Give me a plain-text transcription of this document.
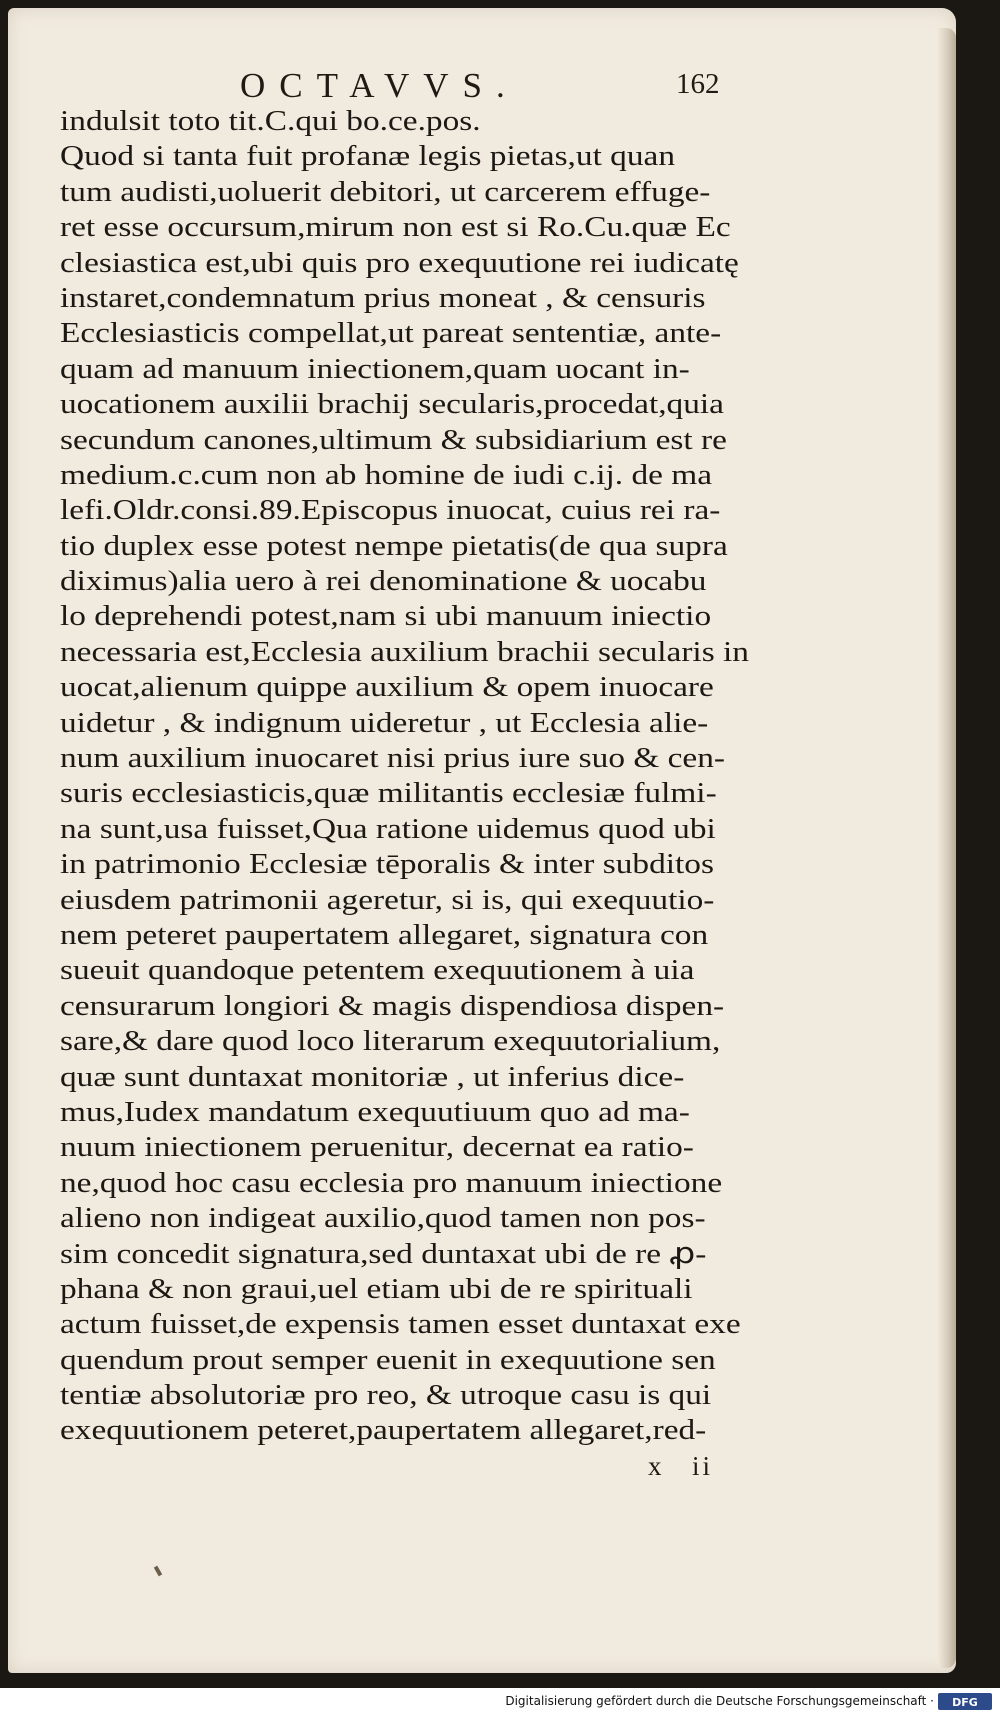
OCTAVVS.	162
indulsit toto tit.C.qui bo.ce.pos.
Quod si tanta fuit profanæ legis pietas,ut quan
tum audisti,uoluerit debitori, ut carcerem effuge-
ret esse occursum,mirum non est si Ro.Cu.quæ Ec
clesiastica est,ubi quis pro exequutione rei iudicatę
instaret,condemnatum prius moneat , & censuris
Ecclesiasticis compellat,ut pareat sententiæ, ante-
quam ad manuum iniectionem,quam uocant in-
uocationem auxilii brachij secularis,procedat,quia
secundum canones,ultimum & subsidiarium est re
medium.c.cum non ab homine de iudi c.ij. de ma
lefi.Oldr.consi.89.Episcopus inuocat, cuius rei ra-
tio duplex esse potest nempe pietatis(de qua supra
diximus)alia uero à rei denominatione & uocabu
lo deprehendi potest,nam si ubi manuum iniectio
necessaria est,Ecclesia auxilium brachii secularis in
uocat,alienum quippe auxilium & opem inuocare
uidetur , & indignum uideretur , ut Ecclesia alie-
num auxilium inuocaret nisi prius iure suo & cen-
suris ecclesiasticis,quæ militantis ecclesiæ fulmi-
na sunt,usa fuisset,Qua ratione uidemus quod ubi
in patrimonio Ecclesiæ tēporalis & inter subditos
eiusdem patrimonii ageretur, si is, qui exequutio-
nem peteret paupertatem allegaret, signatura con
sueuit quandoque petentem exequutionem à uia
censurarum longiori & magis dispendiosa dispen-
sare,& dare quod loco literarum exequutorialium,
quæ sunt duntaxat monitoriæ , ut inferius dice-
mus,Iudex mandatum exequutiuum quo ad ma-
nuum iniectionem peruenitur, decernat ea ratio-
ne,quod hoc casu ecclesia pro manuum iniectione
alieno non indigeat auxilio,quod tamen non pos-
sim concedit signatura,sed duntaxat ubi de re ꝓ-
phana & non graui,uel etiam ubi de re spirituali
actum fuisset,de expensis tamen esset duntaxat exe
quendum prout semper euenit in exequutione sen
tentiæ absolutoriæ pro reo, & utroque casu is qui
exequutionem peteret,paupertatem allegaret,red-
x ii
Digitalisierung gefördert durch die Deutsche Forschungsgemeinschaft · DFG
